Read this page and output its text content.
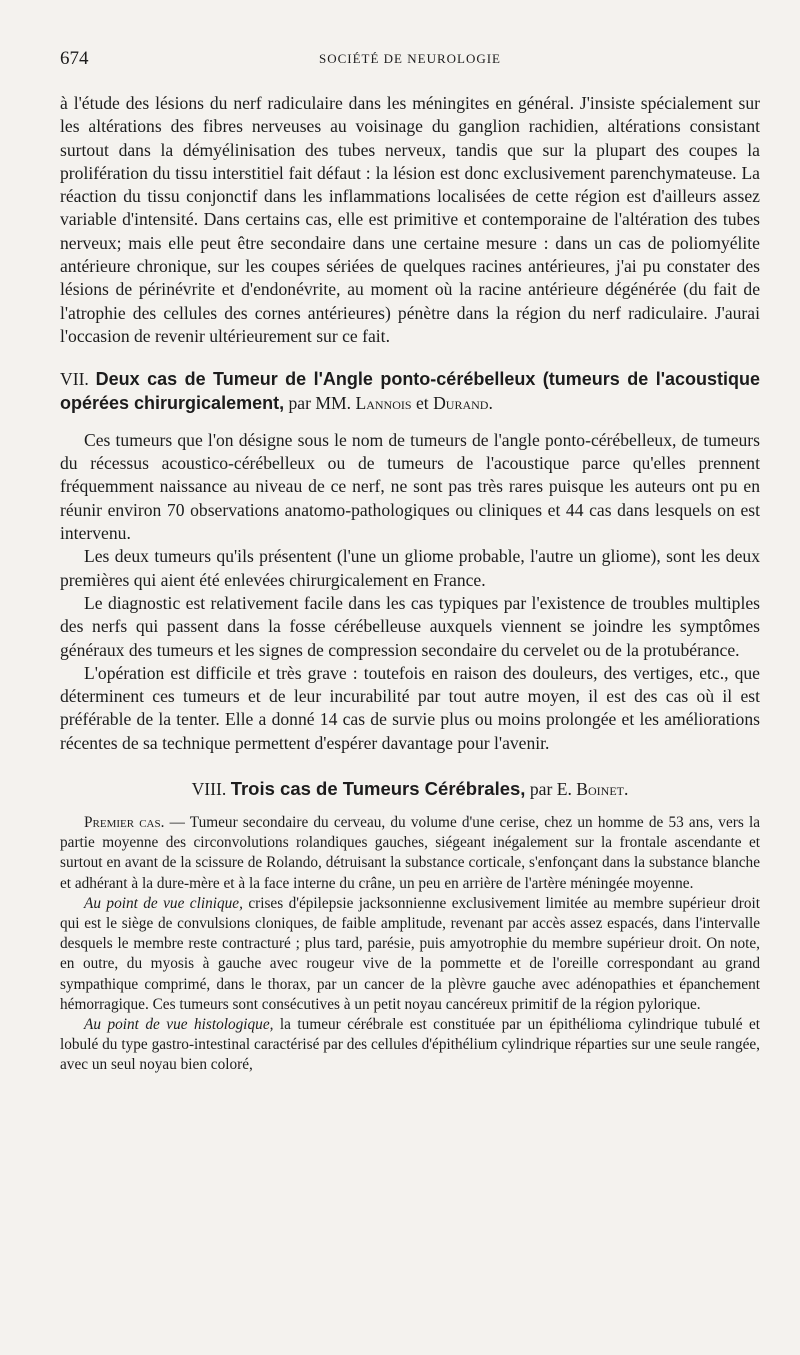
674	SOCIÉTÉ DE NEUROLOGIE

à l'étude des lésions du nerf radiculaire dans les méningites en général. J'insiste spécialement sur les altérations des fibres nerveuses au voisinage du ganglion rachidien, altérations consistant surtout dans la démyélinisation des tubes nerveux, tandis que sur la plupart des coupes la prolifération du tissu interstitiel fait défaut : la lésion est donc exclusivement parenchymateuse. La réaction du tissu conjonctif dans les inflammations localisées de cette région est d'ailleurs assez variable d'intensité. Dans certains cas, elle est primitive et contemporaine de l'altération des tubes nerveux; mais elle peut être secondaire dans une certaine mesure : dans un cas de poliomyélite antérieure chronique, sur les coupes sériées de quelques racines antérieures, j'ai pu constater des lésions de périnévrite et d'endonévrite, au moment où la racine antérieure dégénérée (du fait de l'atrophie des cellules des cornes antérieures) pénètre dans la région du nerf radiculaire. J'aurai l'occasion de revenir ultérieurement sur ce fait.

VII. Deux cas de Tumeur de l'Angle ponto-cérébelleux (tumeurs de l'acoustique opérées chirurgicalement, par MM. Lannois et Durand.

Ces tumeurs que l'on désigne sous le nom de tumeurs de l'angle ponto-cérébelleux, de tumeurs du récessus acoustico-cérébelleux ou de tumeurs de l'acoustique parce qu'elles prennent fréquemment naissance au niveau de ce nerf, ne sont pas très rares puisque les auteurs ont pu en réunir environ 70 observations anatomo-pathologiques ou cliniques et 44 cas dans lesquels on est intervenu.

Les deux tumeurs qu'ils présentent (l'une un gliome probable, l'autre un gliome), sont les deux premières qui aient été enlevées chirurgicalement en France.

Le diagnostic est relativement facile dans les cas typiques par l'existence de troubles multiples des nerfs qui passent dans la fosse cérébelleuse auxquels viennent se joindre les symptômes généraux des tumeurs et les signes de compression secondaire du cervelet ou de la protubérance.

L'opération est difficile et très grave : toutefois en raison des douleurs, des vertiges, etc., que déterminent ces tumeurs et de leur incurabilité par tout autre moyen, il est des cas où il est préférable de la tenter. Elle a donné 14 cas de survie plus ou moins prolongée et les améliorations récentes de sa technique permettent d'espérer davantage pour l'avenir.

VIII. Trois cas de Tumeurs Cérébrales, par E. Boinet.

Premier cas. — Tumeur secondaire du cerveau, du volume d'une cerise, chez un homme de 53 ans, vers la partie moyenne des circonvolutions rolandiques gauches, siégeant inégalement sur la frontale ascendante et surtout en avant de la scissure de Rolando, détruisant la substance corticale, s'enfonçant dans la substance blanche et adhérant à la dure-mère et à la face interne du crâne, un peu en arrière de l'artère méningée moyenne.

Au point de vue clinique, crises d'épilepsie jacksonnienne exclusivement limitée au membre supérieur droit qui est le siège de convulsions cloniques, de faible amplitude, revenant par accès assez espacés, dans l'intervalle desquels le membre reste contracturé ; plus tard, parésie, puis amyotrophie du membre supérieur droit. On note, en outre, du myosis à gauche avec rougeur vive de la pommette et de l'oreille correspondant au grand sympathique comprimé, dans le thorax, par un cancer de la plèvre gauche avec adénopathies et épanchement hémorragique. Ces tumeurs sont consécutives à un petit noyau cancéreux primitif de la région pylorique.

Au point de vue histologique, la tumeur cérébrale est constituée par un épithélioma cylindrique tubulé et lobulé du type gastro-intestinal caractérisé par des cellules d'épithélium cylindrique réparties sur une seule rangée, avec un seul noyau bien coloré,
